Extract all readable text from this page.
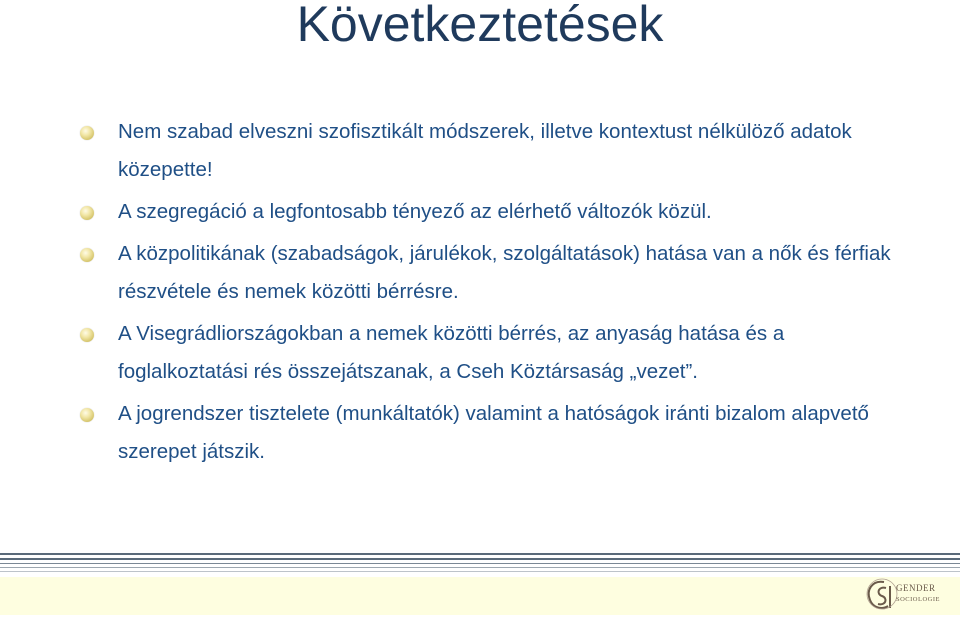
Következtetések
Nem szabad elveszni szofisztikált módszerek, illetve kontextust nélkülöző adatok közepette!
A szegregáció a legfontosabb tényező az elérhető változók közül.
A közpolitikának (szabadságok, járulékok, szolgáltatások) hatása van a nők és férfiak részvétele és nemek közötti bérrésre.
A Visegrádliországokban a nemek közötti bérrés, az anyaság hatása és a foglalkoztatási rés összejátszanak, a Cseh Köztársaság „vezet”.
A jogrendszer tisztelete (munkáltatók) valamint a hatóságok iránti bizalom alapvető szerepet játszik.
GENDER
SOCIOLOGIE
